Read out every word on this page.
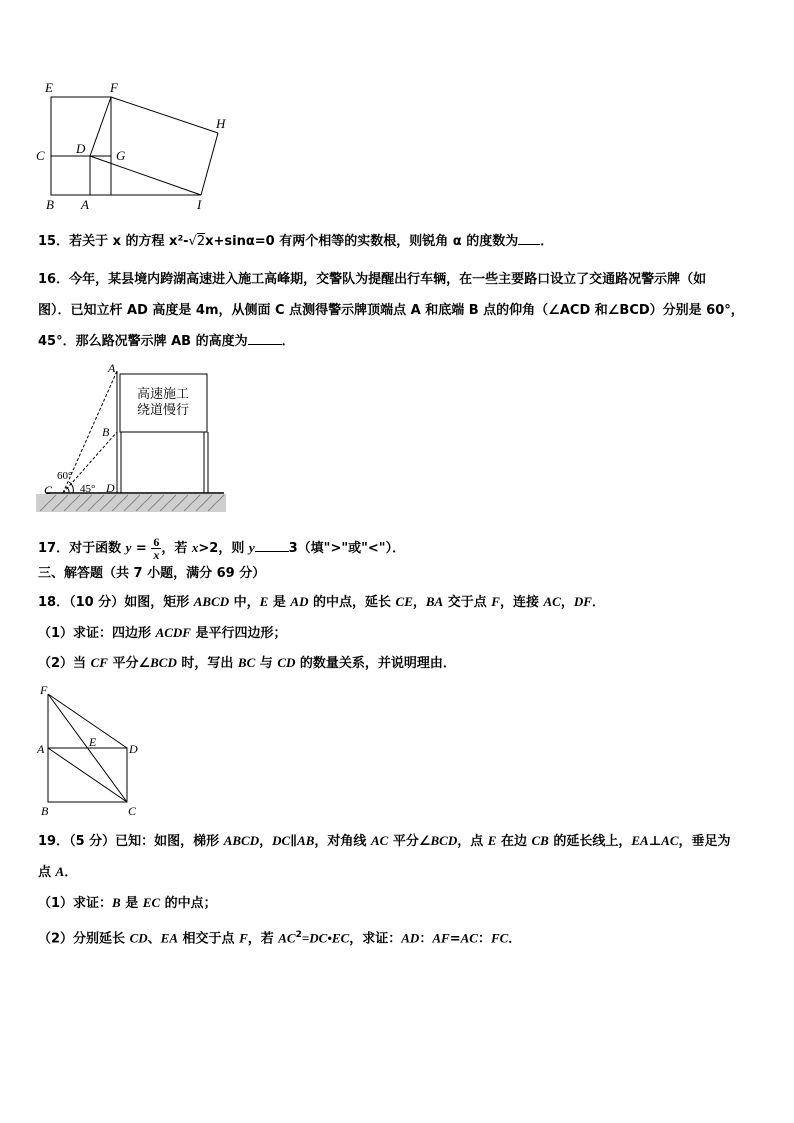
E	F
H
C D G
B A	I
15．若关于 x 的方程 x²-√2x+sinα=0 有两个相等的实数根，则锐角 α 的度数为 ．
16．今年，某县境内跨湖高速进入施工高峰期，交警队为提醒出行车辆，在一些主要路口设立了交通路况警示牌（如
图）．已知立杆 AD 高度是 4m，从侧面 C 点测得警示牌顶端点 A 和底端 B 点的仰角（∠ACD 和∠BCD）分别是 60°，
45°．那么路况警示牌 AB 的高度为	．
高速施工
绕道慢行
A
B
C	D
60°
45°
17．对于函数 $y = \frac{6}{x}$ ，若 x>2，则 y	3（填">"或"<"）．
三、解答题（共 7 小题，满分 69 分）
18．（10 分）如图，矩形 ABCD 中，E 是 AD 的中点，延长 CE，BA 交于点 F，连接 AC，DF．
（1）求证：四边形 ACDF 是平行四边形；
（2）当 CF 平分∠BCD 时，写出 BC 与 CD 的数量关系，并说明理由．
F
A	E	D
B	C
19．（5 分）已知：如图，梯形 ABCD，DC∥AB，对角线 AC 平分∠BCD，点 E 在边 CB 的延长线上，EA⊥AC，垂足为
点 A．
（1）求证：B 是 EC 的中点；
（2）分别延长 CD、EA 相交于点 F，若 $AC^2=DC•EC$，求证：AD：AF=AC：FC．
